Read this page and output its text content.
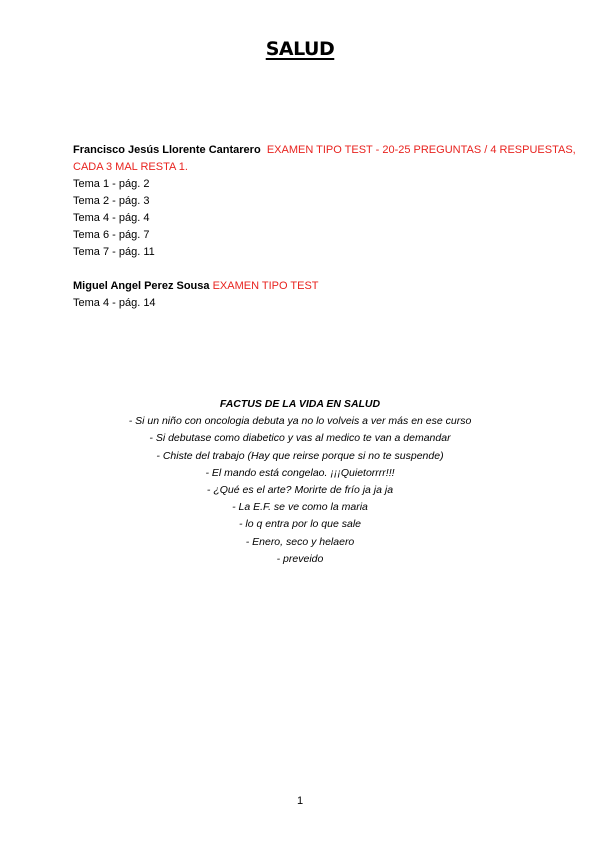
SALUD
Francisco Jesús Llorente Cantarero EXAMEN TIPO TEST - 20-25 PREGUNTAS / 4 RESPUESTAS,
CADA 3 MAL RESTA 1.
Tema 1 - pág. 2
Tema 2 - pág. 3
Tema 4 - pág. 4
Tema 6 - pág. 7
Tema 7 - pág. 11
Miguel Angel Perez Sousa EXAMEN TIPO TEST
Tema 4 - pág. 14
FACTUS DE LA VIDA EN SALUD
- Si un niño con oncologia debuta ya no lo volveis a ver más en ese curso
- Si debutase como diabetico y vas al medico te van a demandar
- Chiste del trabajo (Hay que reirse porque si no te suspende)
- El mando está congelao. ¡¡¡Quietorrrr!!!
- ¿Qué es el arte? Morirte de frío ja ja ja
- La E.F. se ve como la maria
- lo q entra por lo que sale
- Enero, seco y helaero
- preveido
1
